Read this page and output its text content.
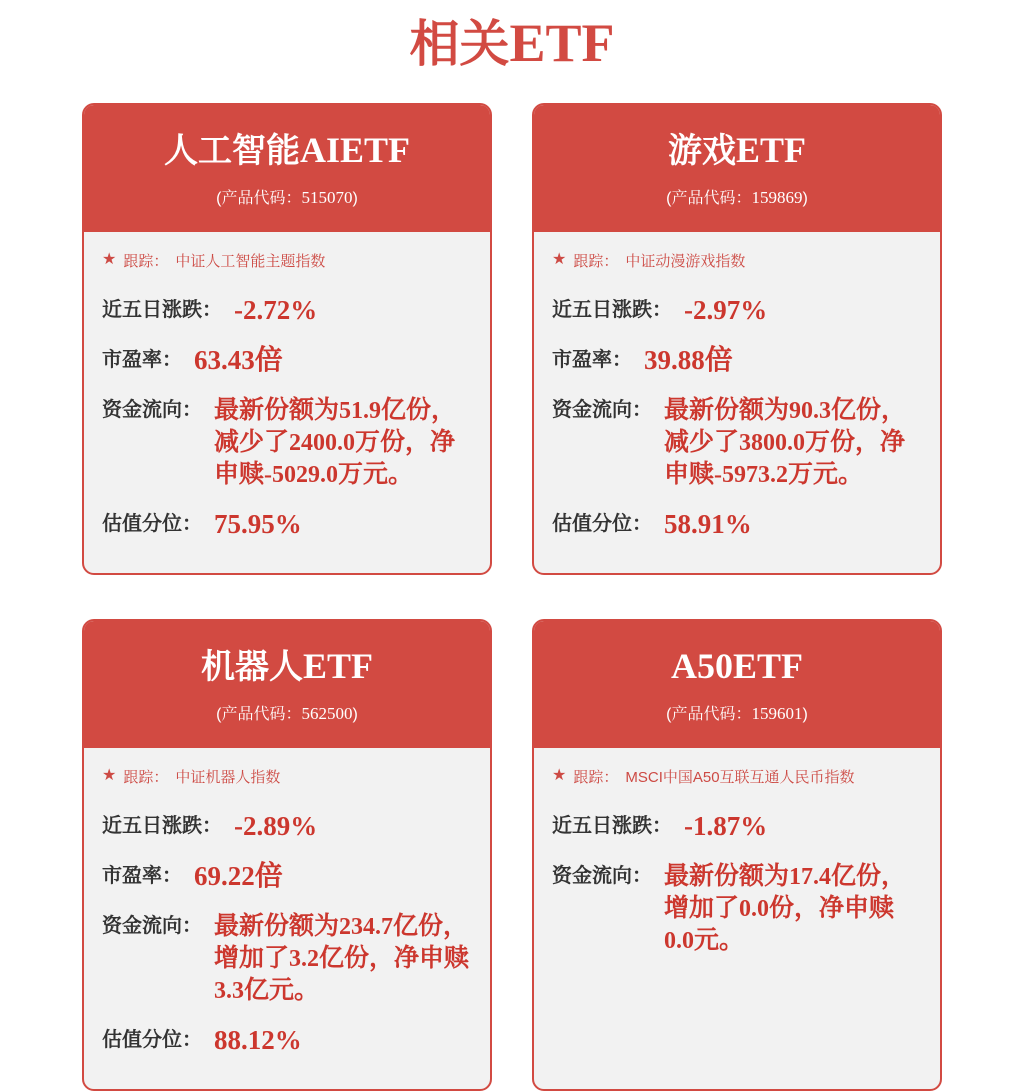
相关ETF
人工智能AIETF
(产品代码：515070)
★ 跟踪： 中证人工智能主题指数
近五日涨跌： -2.72%
市盈率： 63.43 倍
资金流向： 最新份额为51.9亿份，减少了2400.0万份，净申赎-5029.0万元。
估值分位： 75.95%
游戏ETF
(产品代码：159869)
★ 跟踪： 中证动漫游戏指数
近五日涨跌： -2.97%
市盈率： 39.88 倍
资金流向： 最新份额为90.3亿份，减少了3800.0万份，净申赎-5973.2万元。
估值分位： 58.91%
机器人ETF
(产品代码：562500)
★ 跟踪： 中证机器人指数
近五日涨跌： -2.89%
市盈率： 69.22 倍
资金流向： 最新份额为234.7亿份，增加了3.2亿份，净申赎3.3亿元。
估值分位： 88.12%
A50ETF
(产品代码：159601)
★ 跟踪： MSCI中国A50互联互通人民币指数
近五日涨跌： -1.87%
资金流向： 最新份额为17.4亿份，增加了0.0份，净申赎0.0元。
